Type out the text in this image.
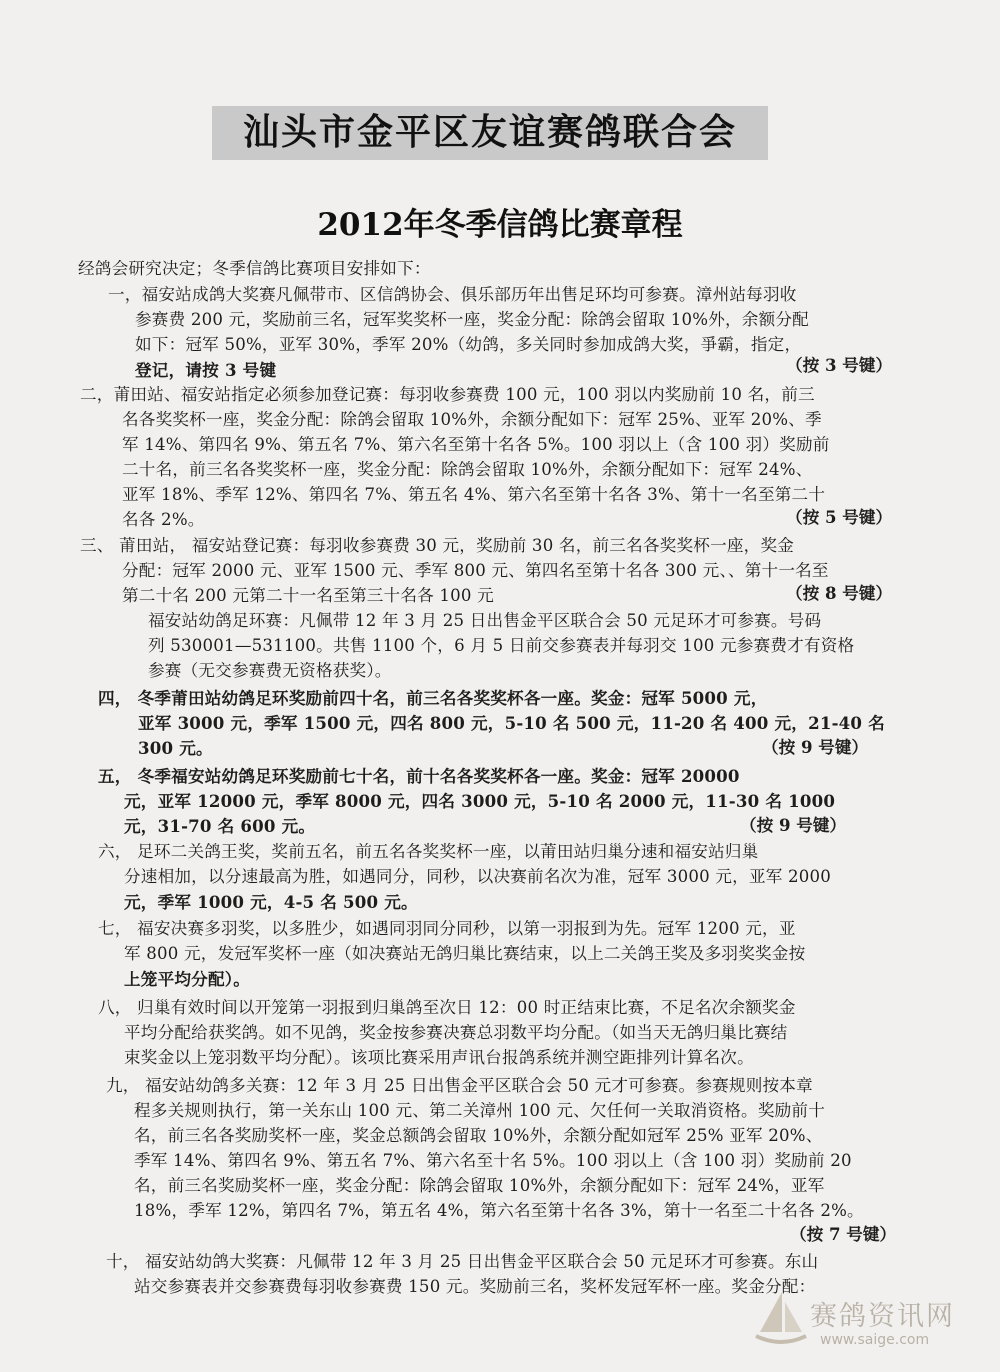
汕头市金平区友谊赛鸽联合会
2012年冬季信鸽比赛章程
经鸽会研究决定；冬季信鸽比赛项目安排如下：
一，福安站成鸽大奖赛凡佩带市、区信鸽协会、俱乐部历年出售足环均可参赛。漳州站每羽收
参赛费 200 元，奖励前三名，冠军奖奖杯一座，奖金分配：除鸽会留取 10%外，余额分配
如下：冠军 50%，亚军 30%，季军 20%（幼鸽，多关同时参加成鸽大奖，爭霸，指定，
登记，请按 3 号键	（按 3 号键）
二，莆田站、福安站指定必须参加登记赛：每羽收参赛费 100 元，100 羽以内奖励前 10 名，前三
名各奖奖杯一座，奖金分配：除鸽会留取 10%外，余额分配如下：冠军 25%、亚军 20%、季
军 14%、第四名 9%、第五名 7%、第六名至第十名各 5%。100 羽以上（含 100 羽）奖励前
二十名，前三名各奖奖杯一座，奖金分配：除鸽会留取 10%外，余额分配如下：冠军 24%、
亚军 18%、季军 12%、第四名 7%、第五名 4%、第六名至第十名各 3%、第十一名至第二十
名各 2%。	（按 5 号键）
三、 莆田站， 福安站登记赛：每羽收参赛费 30 元，奖励前 30 名，前三名各奖奖杯一座，奖金
分配：冠军 2000 元、亚军 1500 元、季军 800 元、第四名至第十名各 300 元、、第十一名至
第二十名 200 元第二十一名至第三十名各 100 元	（按 8 号键）
福安站幼鸽足环赛：凡佩带 12 年 3 月 25 日出售金平区联合会 50 元足环才可参赛。号码
列 530001—531100。共售 1100 个，6 月 5 日前交参赛表并每羽交 100 元参赛费才有资格
参赛（无交参赛费无资格获奖）。
四， 冬季莆田站幼鸽足环奖励前四十名，前三名各奖奖杯各一座。奖金：冠军 5000 元，
亚军 3000 元，季军 1500 元，四名 800 元，5-10 名 500 元，11-20 名 400 元，21-40 名
300 元。	（按 9 号键）
五， 冬季福安站幼鸽足环奖励前七十名，前十名各奖奖杯各一座。奖金：冠军 20000
元，亚军 12000 元，季军 8000 元，四名 3000 元，5-10 名 2000 元，11-30 名 1000
元，31-70 名 600 元。	（按 9 号键）
六， 足环二关鸽王奖，奖前五名，前五名各奖奖杯一座，以莆田站归巢分速和福安站归巢
分速相加，以分速最高为胜，如遇同分，同秒，以决赛前名次为准，冠军 3000 元，亚军 2000
元，季军 1000 元，4-5 名 500 元。
七， 福安决赛多羽奖，以多胜少，如遇同羽同分同秒，以第一羽报到为先。冠军 1200 元，亚
军 800 元，发冠军奖杯一座（如决赛站无鸽归巢比赛结束，以上二关鸽王奖及多羽奖奖金按
上笼平均分配）。
八， 归巢有效时间以开笼第一羽报到归巢鸽至次日 12：00 时正结束比赛，不足名次余额奖金
平均分配给获奖鸽。如不见鸽，奖金按参赛决赛总羽数平均分配。（如当天无鸽归巢比赛结
束奖金以上笼羽数平均分配）。该项比赛采用声讯台报鸽系统并测空距排列计算名次。
九， 福安站幼鸽多关赛：12 年 3 月 25 日出售金平区联合会 50 元才可参赛。参赛规则按本章
程多关规则执行，第一关东山 100 元、第二关漳州 100 元、欠任何一关取消资格。奖励前十
名，前三名各奖励奖杯一座，奖金总额鸽会留取 10%外，余额分配如冠军 25% 亚军 20%、
季军 14%、第四名 9%、第五名 7%、第六名至十名 5%。100 羽以上（含 100 羽）奖励前 20
名，前三名奖励奖杯一座，奖金分配：除鸽会留取 10%外，余额分配如下：冠军 24%，亚军
18%，季军 12%，第四名 7%，第五名 4%，第六名至第十名各 3%，第十一名至二十名各 2%。
（按 7 号键）
十， 福安站幼鸽大奖赛：凡佩带 12 年 3 月 25 日出售金平区联合会 50 元足环才可参赛。东山
站交参赛表并交参赛费每羽收参赛费 150 元。奖励前三名，奖杯发冠军杯一座。奖金分配：
赛鸽资讯网
www.saige.com
